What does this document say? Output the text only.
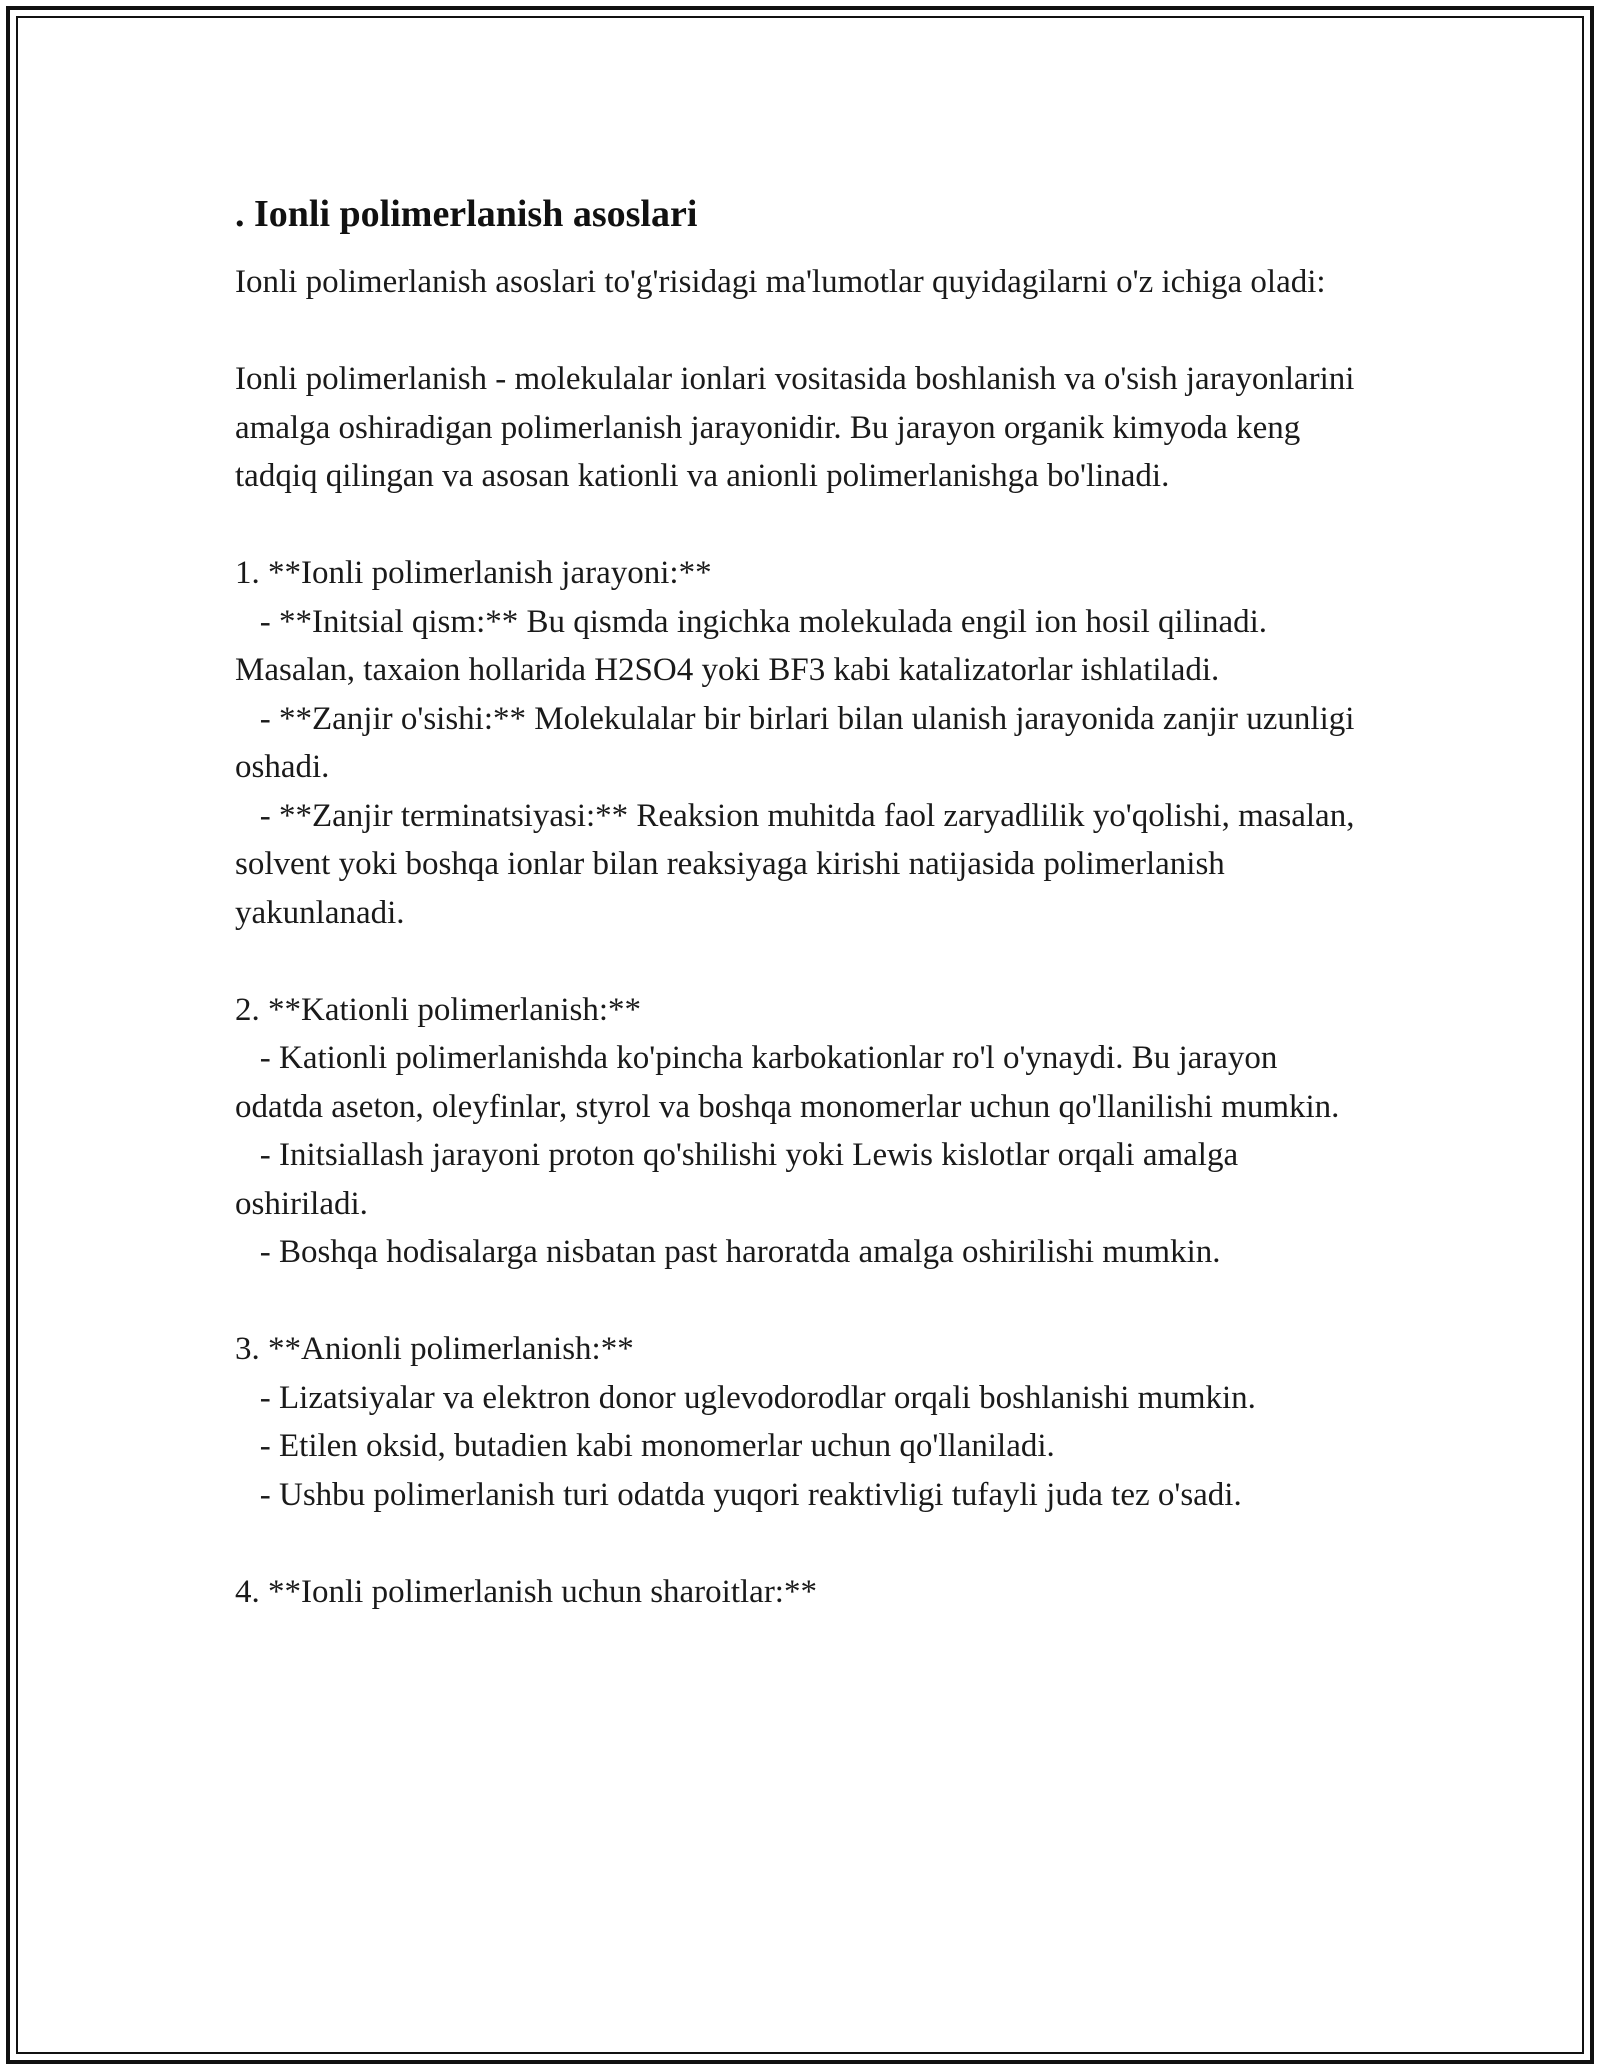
. Ionli polimerlanish asoslari

Ionli polimerlanish asoslari to'g'risidagi ma'lumotlar quyidagilarni o'z ichiga oladi:

Ionli polimerlanish - molekulalar ionlari vositasida boshlanish va o'sish jarayonlarini amalga oshiradigan polimerlanish jarayonidir. Bu jarayon organik kimyoda keng tadqiq qilingan va asosan kationli va anionli polimerlanishga bo'linadi.

1. **Ionli polimerlanish jarayoni:**

- **Initsial qism:** Bu qismda ingichka molekulada engil ion hosil qilinadi. Masalan, taxaion hollarida H2SO4 yoki BF3 kabi katalizatorlar ishlatiladi.

- **Zanjir o'sishi:** Molekulalar bir birlari bilan ulanish jarayonida zanjir uzunligi oshadi.

- **Zanjir terminatsiyasi:** Reaksion muhitda faol zaryadlilik yo'qolishi, masalan, solvent yoki boshqa ionlar bilan reaksiyaga kirishi natijasida polimerlanish yakunlanadi.

2. **Kationli polimerlanish:**

- Kationli polimerlanishda ko'pincha karbokationlar ro'l o'ynaydi. Bu jarayon odatda aseton, oleyfinlar, styrol va boshqa monomerlar uchun qo'llanilishi mumkin.

- Initsiallash jarayoni proton qo'shilishi yoki Lewis kislotlar orqali amalga oshiriladi.

- Boshqa hodisalarga nisbatan past haroratda amalga oshirilishi mumkin.

3. **Anionli polimerlanish:**

- Lizatsiyalar va elektron donor uglevodorodlar orqali boshlanishi mumkin.

- Etilen oksid, butadien kabi monomerlar uchun qo'llaniladi.

- Ushbu polimerlanish turi odatda yuqori reaktivligi tufayli juda tez o'sadi.

4. **Ionli polimerlanish uchun sharoitlar:**
